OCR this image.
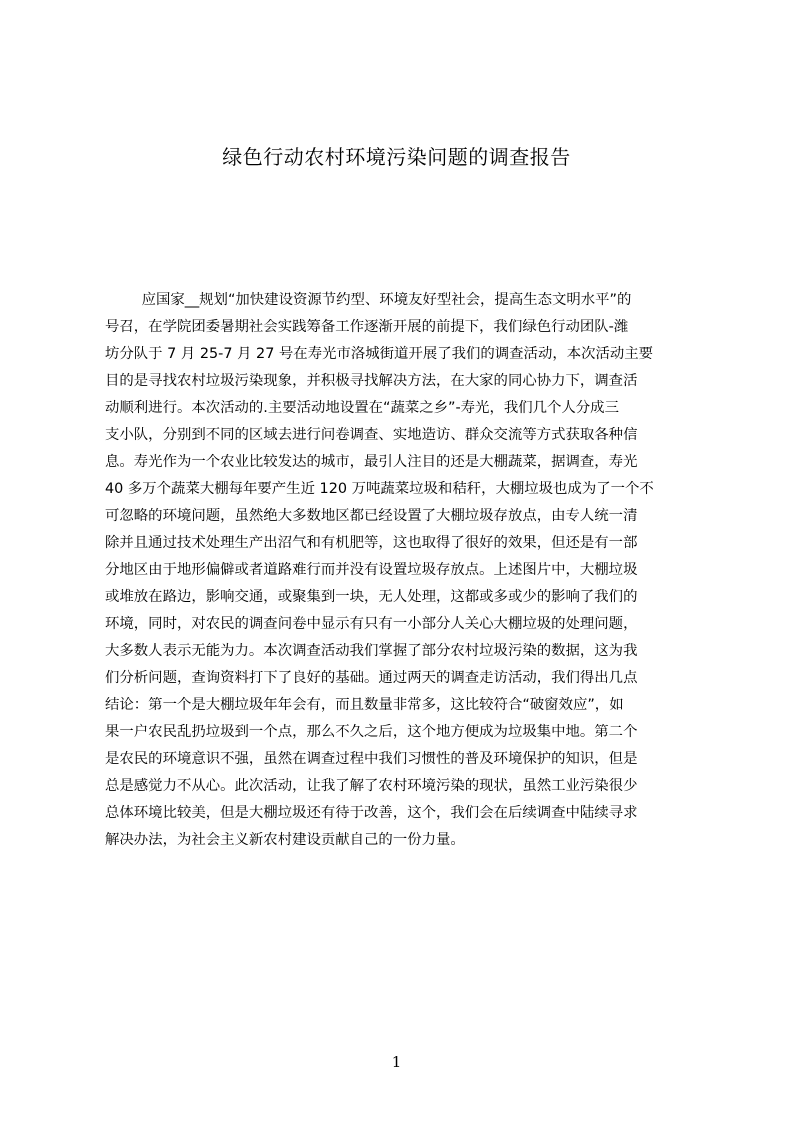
绿色行动农村环境污染问题的调查报告
应国家__规划“加快建设资源节约型、环境友好型社会，提高生态文明水平”的
号召，在学院团委暑期社会实践筹备工作逐渐开展的前提下，我们绿色行动团队-潍
坊分队于 7 月 25-7 月 27 号在寿光市洛城街道开展了我们的调查活动，本次活动主要
目的是寻找农村垃圾污染现象，并积极寻找解决方法，在大家的同心协力下，调查活
动顺利进行。本次活动的.主要活动地设置在“蔬菜之乡”-寿光，我们几个人分成三
支小队，分别到不同的区域去进行问卷调查、实地造访、群众交流等方式获取各种信
息。寿光作为一个农业比较发达的城市，最引人注目的还是大棚蔬菜，据调查，寿光
40 多万个蔬菜大棚每年要产生近 120 万吨蔬菜垃圾和秸秆，大棚垃圾也成为了一个不
可忽略的环境问题，虽然绝大多数地区都已经设置了大棚垃圾存放点，由专人统一清
除并且通过技术处理生产出沼气和有机肥等，这也取得了很好的效果，但还是有一部
分地区由于地形偏僻或者道路难行而并没有设置垃圾存放点。上述图片中，大棚垃圾
或堆放在路边，影响交通，或聚集到一块，无人处理，这都或多或少的影响了我们的
环境，同时，对农民的调查问卷中显示有只有一小部分人关心大棚垃圾的处理问题，
大多数人表示无能为力。本次调查活动我们掌握了部分农村垃圾污染的数据，这为我
们分析问题，查询资料打下了良好的基础。通过两天的调查走访活动，我们得出几点
结论：第一个是大棚垃圾年年会有，而且数量非常多，这比较符合“破窗效应”，如
果一户农民乱扔垃圾到一个点，那么不久之后，这个地方便成为垃圾集中地。第二个
是农民的环境意识不强，虽然在调查过程中我们习惯性的普及环境保护的知识，但是
总是感觉力不从心。此次活动，让我了解了农村环境污染的现状，虽然工业污染很少
总体环境比较美，但是大棚垃圾还有待于改善，这个，我们会在后续调查中陆续寻求
解决办法，为社会主义新农村建设贡献自己的一份力量。
1
